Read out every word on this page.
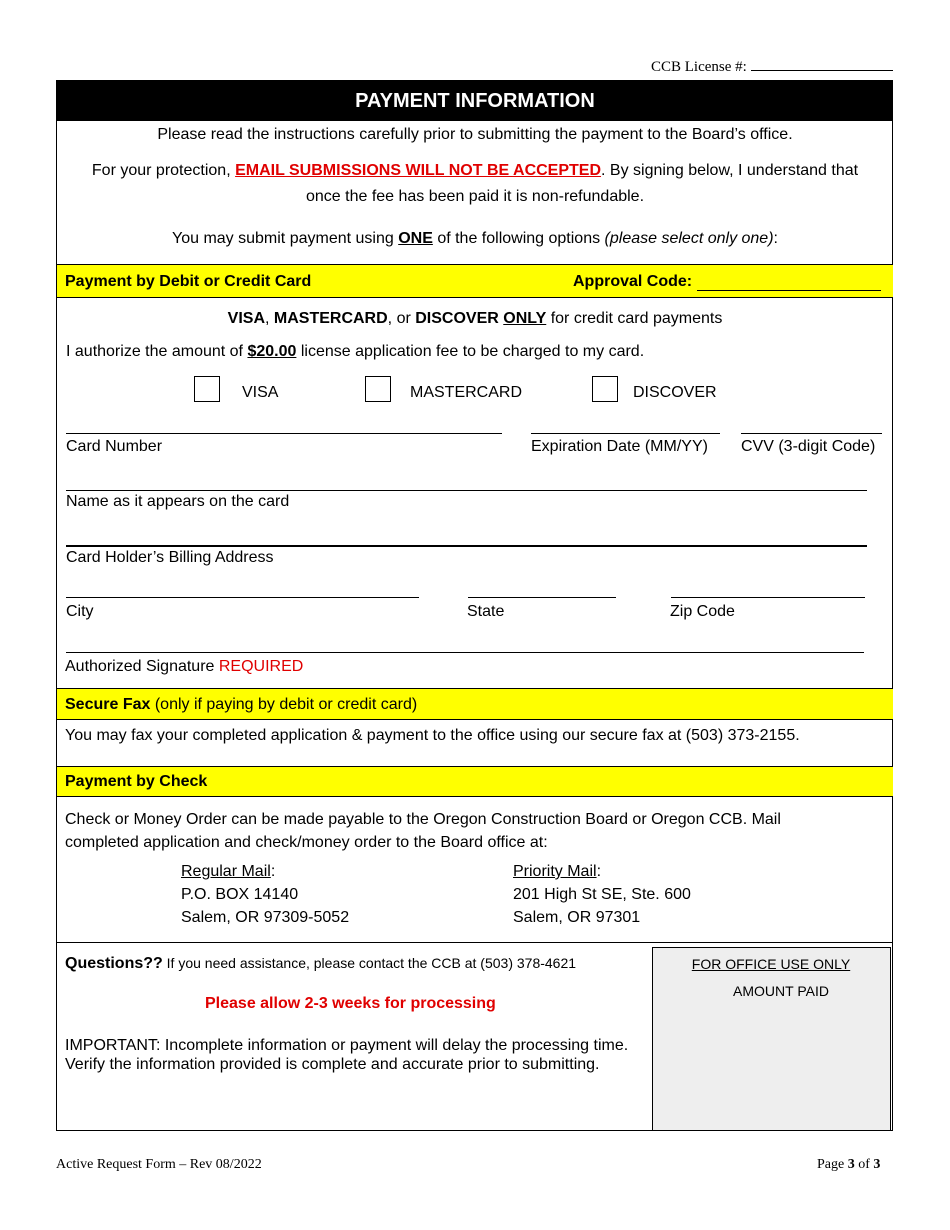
CCB License #:
PAYMENT INFORMATION
Please read the instructions carefully prior to submitting the payment to the Board’s office.
For your protection, EMAIL SUBMISSIONS WILL NOT BE ACCEPTED. By signing below, I understand that
once the fee has been paid it is non-refundable.
You may submit payment using ONE of the following options (please select only one):
Payment by Debit or Credit Card	Approval Code:
VISA, MASTERCARD, or DISCOVER ONLY for credit card payments
I authorize the amount of $20.00 license application fee to be charged to my card.
VISA	MASTERCARD	DISCOVER
Card Number	Expiration Date (MM/YY) CVV (3-digit Code)
Name as it appears on the card
Card Holder’s Billing Address
City	State	Zip Code
Authorized Signature REQUIRED
Secure Fax (only if paying by debit or credit card)
You may fax your completed application & payment to the office using our secure fax at (503) 373-2155.
Payment by Check
Check or Money Order can be made payable to the Oregon Construction Board or Oregon CCB. Mail
completed application and check/money order to the Board office at:
Regular Mail:
P.O. BOX 14140
Salem, OR 97309-5052
Priority Mail:
201 High St SE, Ste. 600
Salem, OR 97301
Questions?? If you need assistance, please contact the CCB at (503) 378-4621
Please allow 2-3 weeks for processing
IMPORTANT: Incomplete information or payment will delay the processing time. Verify the information provided is complete and accurate prior to submitting.
FOR OFFICE USE ONLY
AMOUNT PAID
Active Request Form – Rev 08/2022	Page 3 of 3
